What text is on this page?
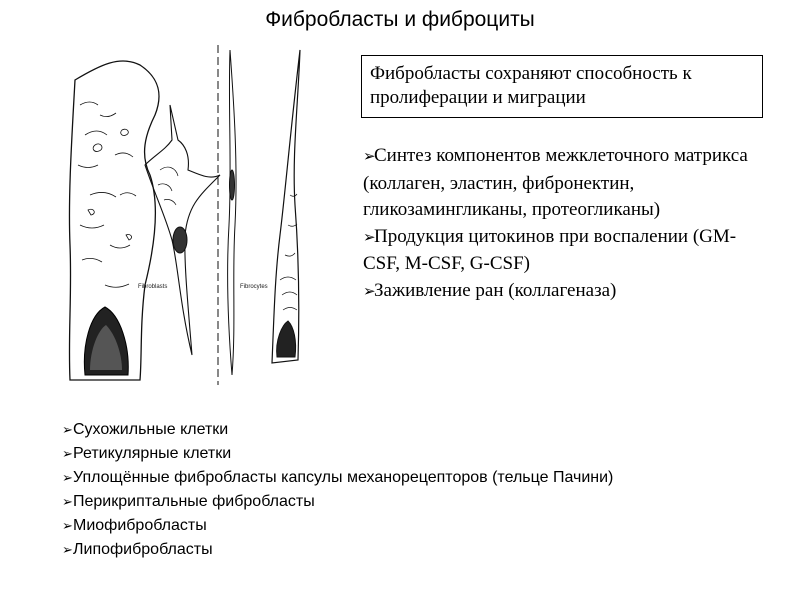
Фибробласты и фиброциты
Fibroblasts	Fibrocytes
Фибробласты сохраняют способность к пролиферации и миграции
➢Синтез компонентов межклеточного матрикса (коллаген, эластин, фибронектин, гликозамингликаны, протеогликаны)
➢Продукция цитокинов при воспалении (GM-CSF, M-CSF, G-CSF)
➢Заживление ран (коллагеназа)
➢Сухожильные клетки
➢Ретикулярные клетки
➢Уплощённые фибробласты капсулы механорецепторов (тельце Пачини)
➢Перикриптальные фибробласты
➢Миофибробласты
➢Липофибробласты
